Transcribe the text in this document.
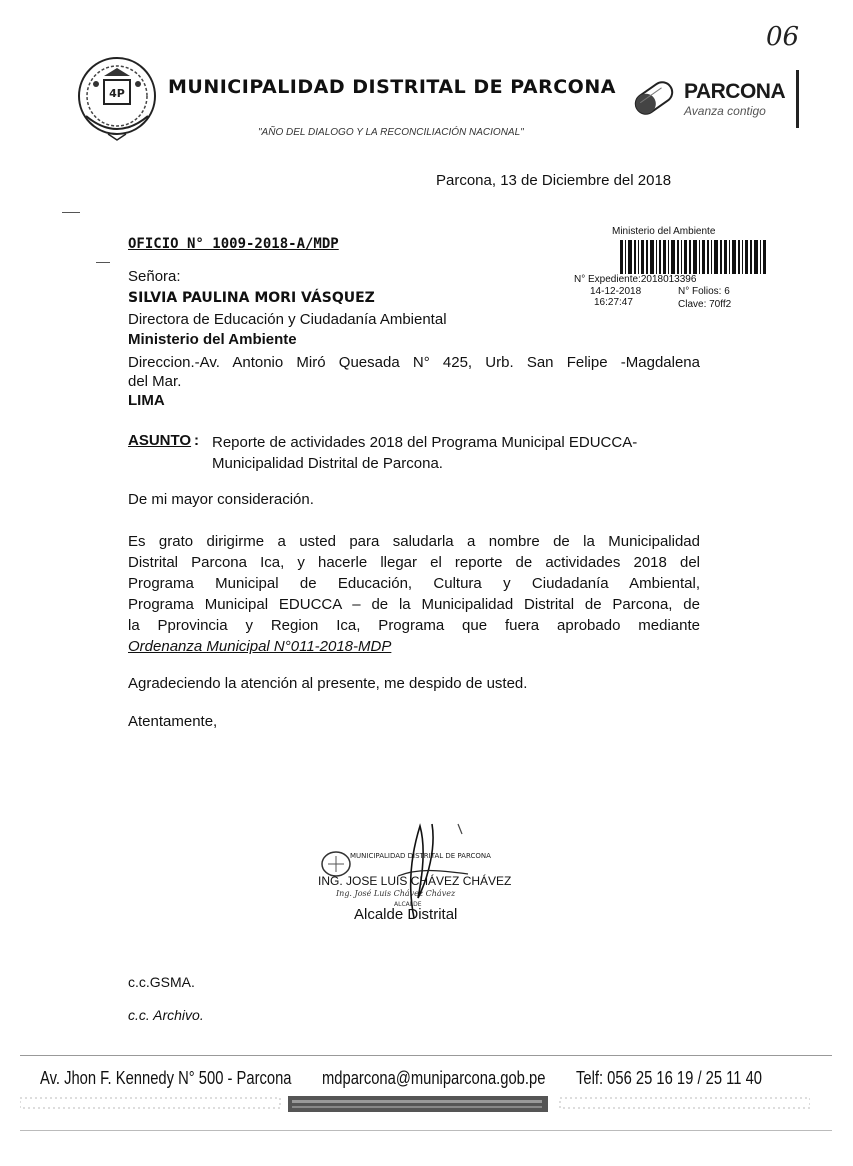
06
4P MUNICIPALIDAD DISTRITAL DE PARCONA
"AÑO DEL DIALOGO Y LA RECONCILIACIÓN NACIONAL"
PARCONA
Avanza contigo
Parcona, 13 de Diciembre del 2018
OFICIO N° 1009-2018-A/MDP
Ministerio del Ambiente
N° Expediente:2018013396
14-12-2018
16:27:47
N° Folios: 6
Clave: 70ff2
Señora:
SILVIA PAULINA MORI VÁSQUEZ
Directora de Educación y Ciudadanía Ambiental
Ministerio del Ambiente
Direccion.-Av. Antonio Miró Quesada N° 425, Urb. San Felipe -Magdalena
del Mar.
LIMA
ASUNTO : Reporte de actividades 2018 del Programa Municipal EDUCCA-
Municipalidad Distrital de Parcona.
De mi mayor consideración.
Es grato dirigirme a usted para saludarla a nombre de la Municipalidad
Distrital Parcona Ica, y hacerle llegar el reporte de actividades 2018 del
Programa Municipal de Educación, Cultura y Ciudadanía Ambiental,
Programa Municipal EDUCCA – de la Municipalidad Distrital de Parcona, de
la Pprovincia y Region Ica, Programa que fuera aprobado mediante
Ordenanza Municipal N°011-2018-MDP
Agradeciendo la atención al presente, me despido de usted.
Atentamente,
MUNICIPALIDAD DISTRITAL DE PARCONA
Ing. José Luis Chávez Chávez
ALCALDE
ING. JOSE LUIS CHÁVEZ CHÁVEZ
Alcalde Distrital
c.c.GSMA.
c.c. Archivo.
Av. Jhon F. Kennedy N° 500 - Parcona mdparcona@muniparcona.gob.pe Telf: 056 25 16 19 / 25 11 40
